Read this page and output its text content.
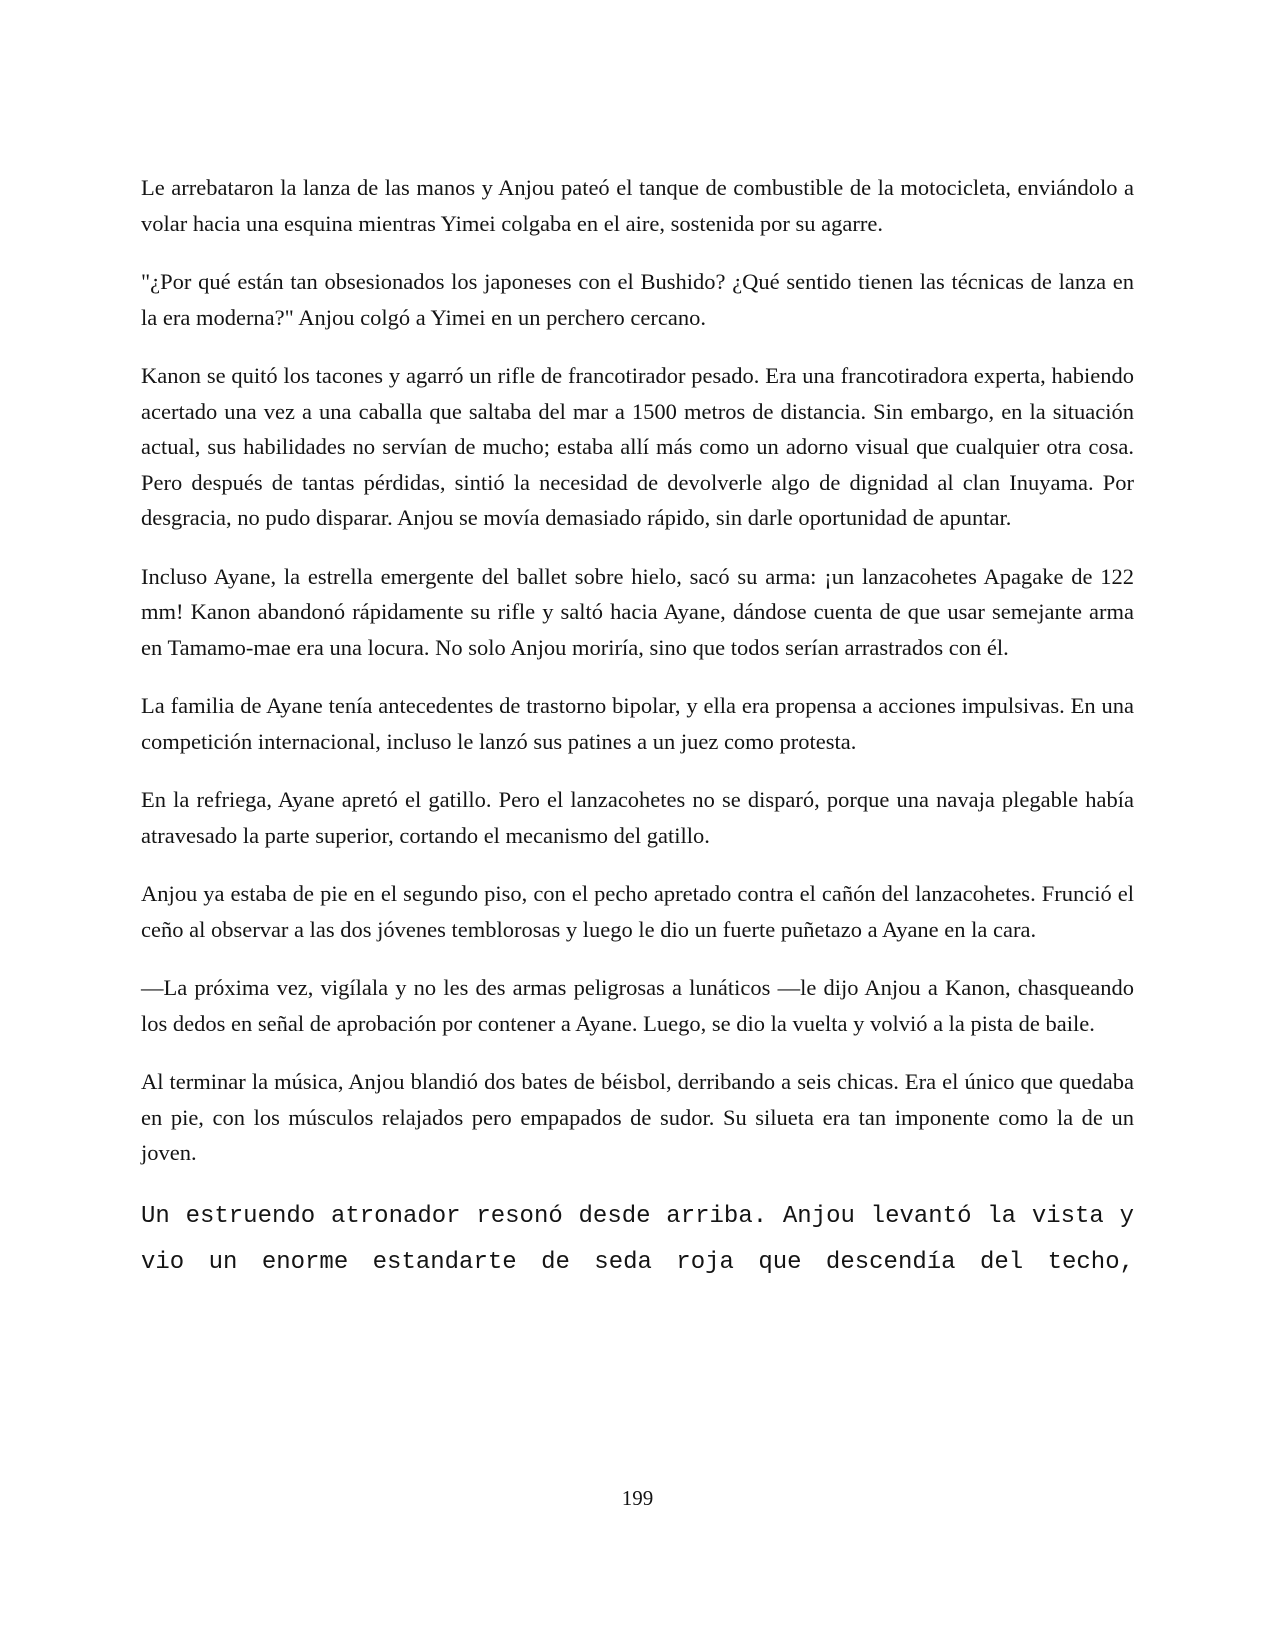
Le arrebataron la lanza de las manos y Anjou pateó el tanque de combustible de la motocicleta, enviándolo a volar hacia una esquina mientras Yimei colgaba en el aire, sostenida por su agarre.

"¿Por qué están tan obsesionados los japoneses con el Bushido? ¿Qué sentido tienen las técnicas de lanza en la era moderna?" Anjou colgó a Yimei en un perchero cercano.

Kanon se quitó los tacones y agarró un rifle de francotirador pesado. Era una francotiradora experta, habiendo acertado una vez a una caballa que saltaba del mar a 1500 metros de distancia. Sin embargo, en la situación actual, sus habilidades no servían de mucho; estaba allí más como un adorno visual que cualquier otra cosa. Pero después de tantas pérdidas, sintió la necesidad de devolverle algo de dignidad al clan Inuyama. Por desgracia, no pudo disparar. Anjou se movía demasiado rápido, sin darle oportunidad de apuntar.

Incluso Ayane, la estrella emergente del ballet sobre hielo, sacó su arma: ¡un lanzacohetes Apagake de 122 mm! Kanon abandonó rápidamente su rifle y saltó hacia Ayane, dándose cuenta de que usar semejante arma en Tamamo-mae era una locura. No solo Anjou moriría, sino que todos serían arrastrados con él.

La familia de Ayane tenía antecedentes de trastorno bipolar, y ella era propensa a acciones impulsivas. En una competición internacional, incluso le lanzó sus patines a un juez como protesta.

En la refriega, Ayane apretó el gatillo. Pero el lanzacohetes no se disparó, porque una navaja plegable había atravesado la parte superior, cortando el mecanismo del gatillo.

Anjou ya estaba de pie en el segundo piso, con el pecho apretado contra el cañón del lanzacohetes. Frunció el ceño al observar a las dos jóvenes temblorosas y luego le dio un fuerte puñetazo a Ayane en la cara.

—La próxima vez, vigílala y no les des armas peligrosas a lunáticos —le dijo Anjou a Kanon, chasqueando los dedos en señal de aprobación por contener a Ayane. Luego, se dio la vuelta y volvió a la pista de baile.

Al terminar la música, Anjou blandió dos bates de béisbol, derribando a seis chicas. Era el único que quedaba en pie, con los músculos relajados pero empapados de sudor. Su silueta era tan imponente como la de un joven.

Un estruendo atronador resonó desde arriba. Anjou levantó la vista y vio un enorme estandarte de seda roja que descendía del techo,

199
